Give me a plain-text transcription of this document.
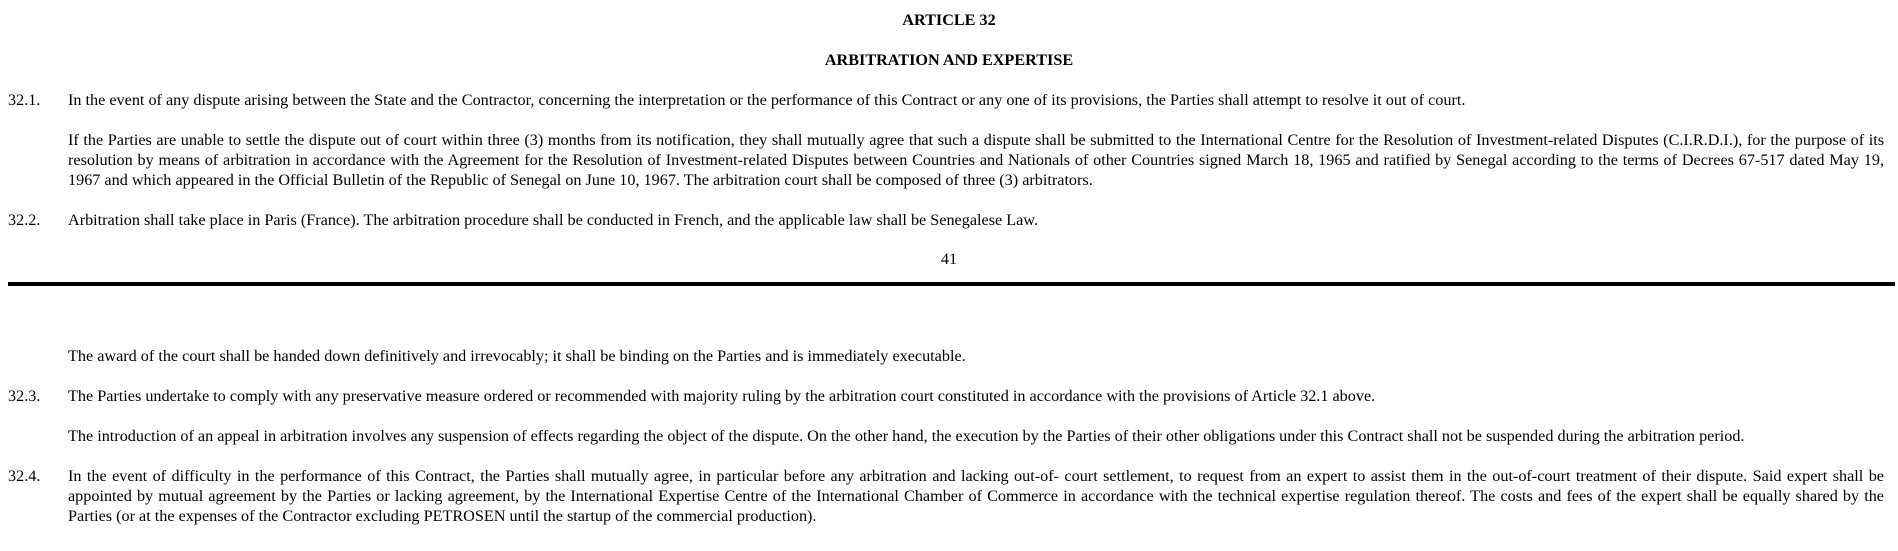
ARTICLE 32
ARBITRATION AND EXPERTISE
32.1. In the event of any dispute arising between the State and the Contractor, concerning the interpretation or the performance of this Contract or any one of its provisions, the Parties shall attempt to resolve it out of court.
If the Parties are unable to settle the dispute out of court within three (3) months from its notification, they shall mutually agree that such a dispute shall be submitted to the International Centre for the Resolution of Investment-related Disputes (C.I.R.D.I.), for the purpose of its resolution by means of arbitration in accordance with the Agreement for the Resolution of Investment-related Disputes between Countries and Nationals of other Countries signed March 18, 1965 and ratified by Senegal according to the terms of Decrees 67-517 dated May 19, 1967 and which appeared in the Official Bulletin of the Republic of Senegal on June 10, 1967. The arbitration court shall be composed of three (3) arbitrators.
32.2. Arbitration shall take place in Paris (France). The arbitration procedure shall be conducted in French, and the applicable law shall be Senegalese Law.
41
The award of the court shall be handed down definitively and irrevocably; it shall be binding on the Parties and is immediately executable.
32.3. The Parties undertake to comply with any preservative measure ordered or recommended with majority ruling by the arbitration court constituted in accordance with the provisions of Article 32.1 above.
The introduction of an appeal in arbitration involves any suspension of effects regarding the object of the dispute. On the other hand, the execution by the Parties of their other obligations under this Contract shall not be suspended during the arbitration period.
32.4. In the event of difficulty in the performance of this Contract, the Parties shall mutually agree, in particular before any arbitration and lacking out-of- court settlement, to request from an expert to assist them in the out-of-court treatment of their dispute. Said expert shall be appointed by mutual agreement by the Parties or lacking agreement, by the International Expertise Centre of the International Chamber of Commerce in accordance with the technical expertise regulation thereof. The costs and fees of the expert shall be equally shared by the Parties (or at the expenses of the Contractor excluding PETROSEN until the startup of the commercial production).
